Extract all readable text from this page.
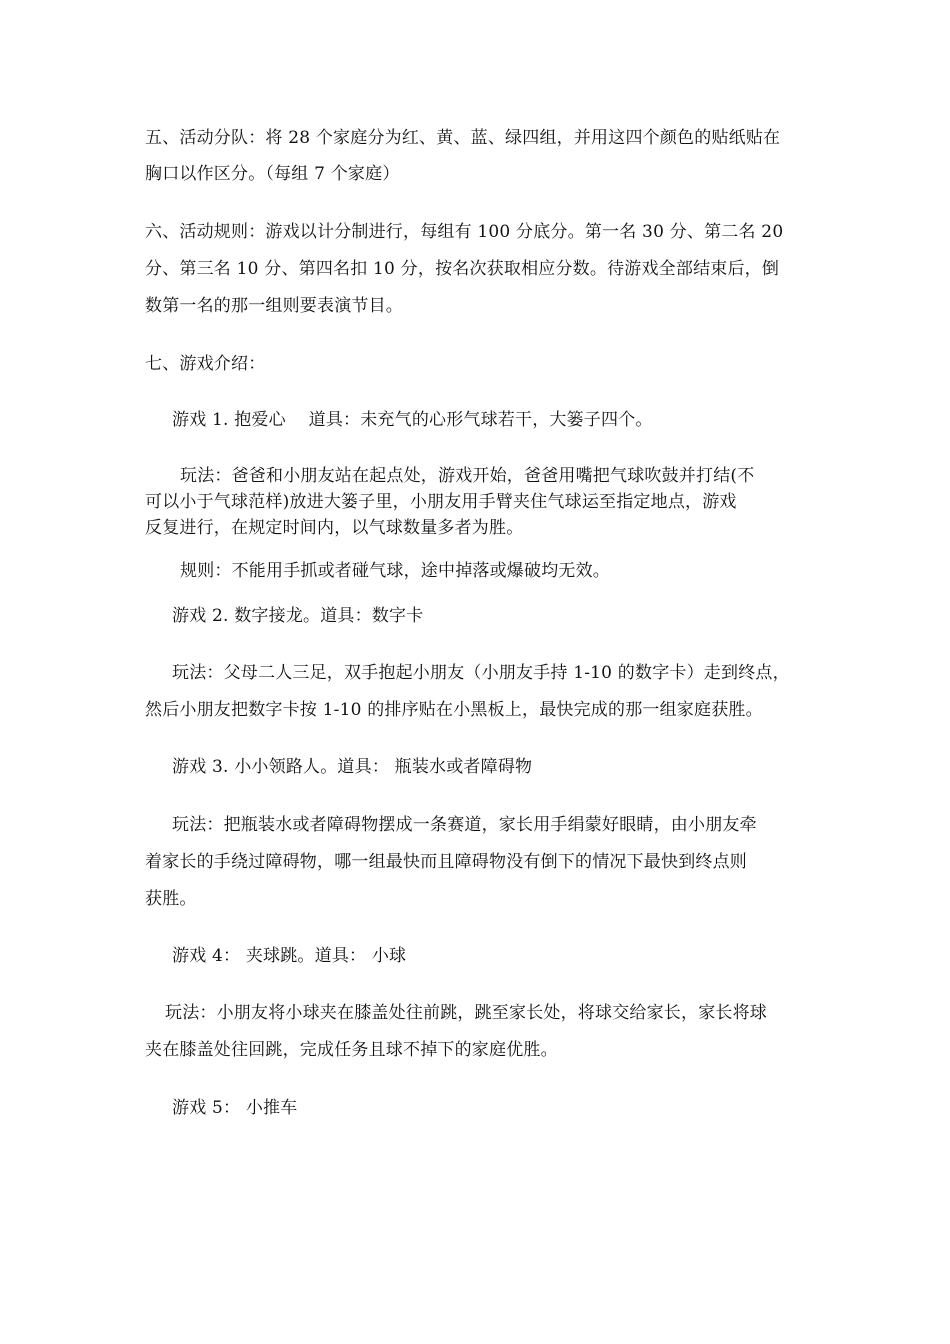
五、活动分队：将 28 个家庭分为红、黄、蓝、绿四组，并用这四个颜色的贴纸贴在
胸口以作区分。（每组 7 个家庭）
六、活动规则：游戏以计分制进行，每组有 100 分底分。第一名 30 分、第二名 20
分、第三名 10 分、第四名扣 10 分，按名次获取相应分数。待游戏全部结束后，倒
数第一名的那一组则要表演节目。
七、游戏介绍：
游戏 1. 抱爱心　 道具：未充气的心形气球若干，大篓子四个。
玩法：爸爸和小朋友站在起点处，游戏开始，爸爸用嘴把气球吹鼓并打结(不
可以小于气球范样)放进大篓子里，小朋友用手臂夹住气球运至指定地点，游戏
反复进行，在规定时间内，以气球数量多者为胜。
规则：不能用手抓或者碰气球，途中掉落或爆破均无效。
游戏 2. 数字接龙。道具：数字卡
玩法：父母二人三足，双手抱起小朋友（小朋友手持 1-10 的数字卡）走到终点，
然后小朋友把数字卡按 1-10 的排序贴在小黑板上，最快完成的那一组家庭获胜。
游戏 3. 小小领路人。道具： 瓶装水或者障碍物
玩法：把瓶装水或者障碍物摆成一条赛道，家长用手绢蒙好眼睛，由小朋友牵
着家长的手绕过障碍物，哪一组最快而且障碍物没有倒下的情况下最快到终点则
获胜。
游戏 4： 夹球跳。道具： 小球
玩法：小朋友将小球夹在膝盖处往前跳，跳至家长处，将球交给家长，家长将球
夹在膝盖处往回跳，完成任务且球不掉下的家庭优胜。
游戏 5： 小推车
